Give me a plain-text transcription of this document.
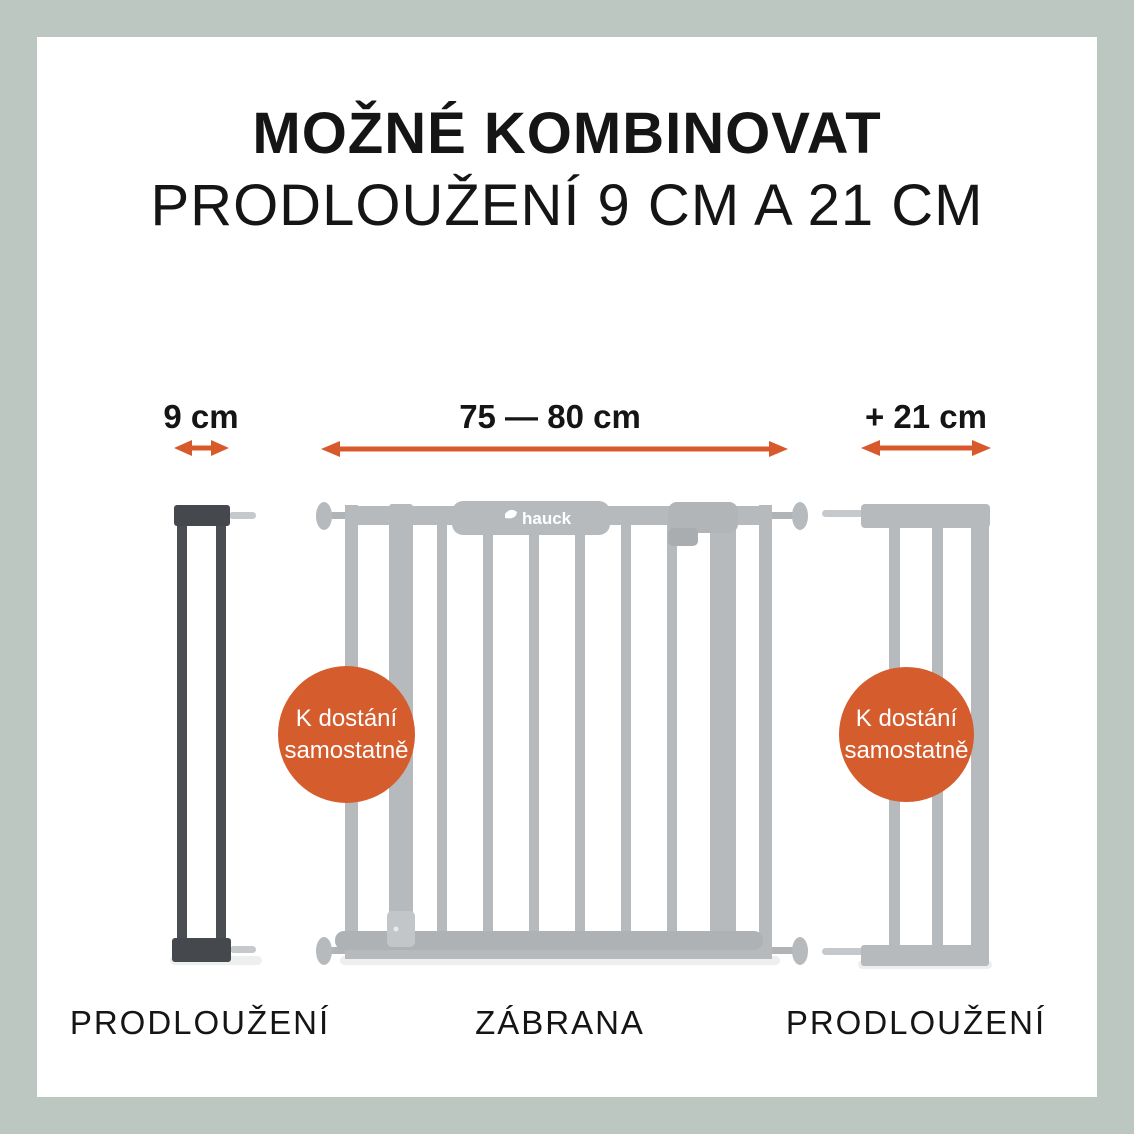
hauck
MOŽNÉ KOMBINOVAT
PRODLOUŽENÍ 9 CM A 21 CM
9 cm	75 — 80 cm	+ 21 cm
PRODLOUŽENÍ	ZÁBRANA	PRODLOUŽENÍ
K dostání
samostatně
K dostání
samostatně
